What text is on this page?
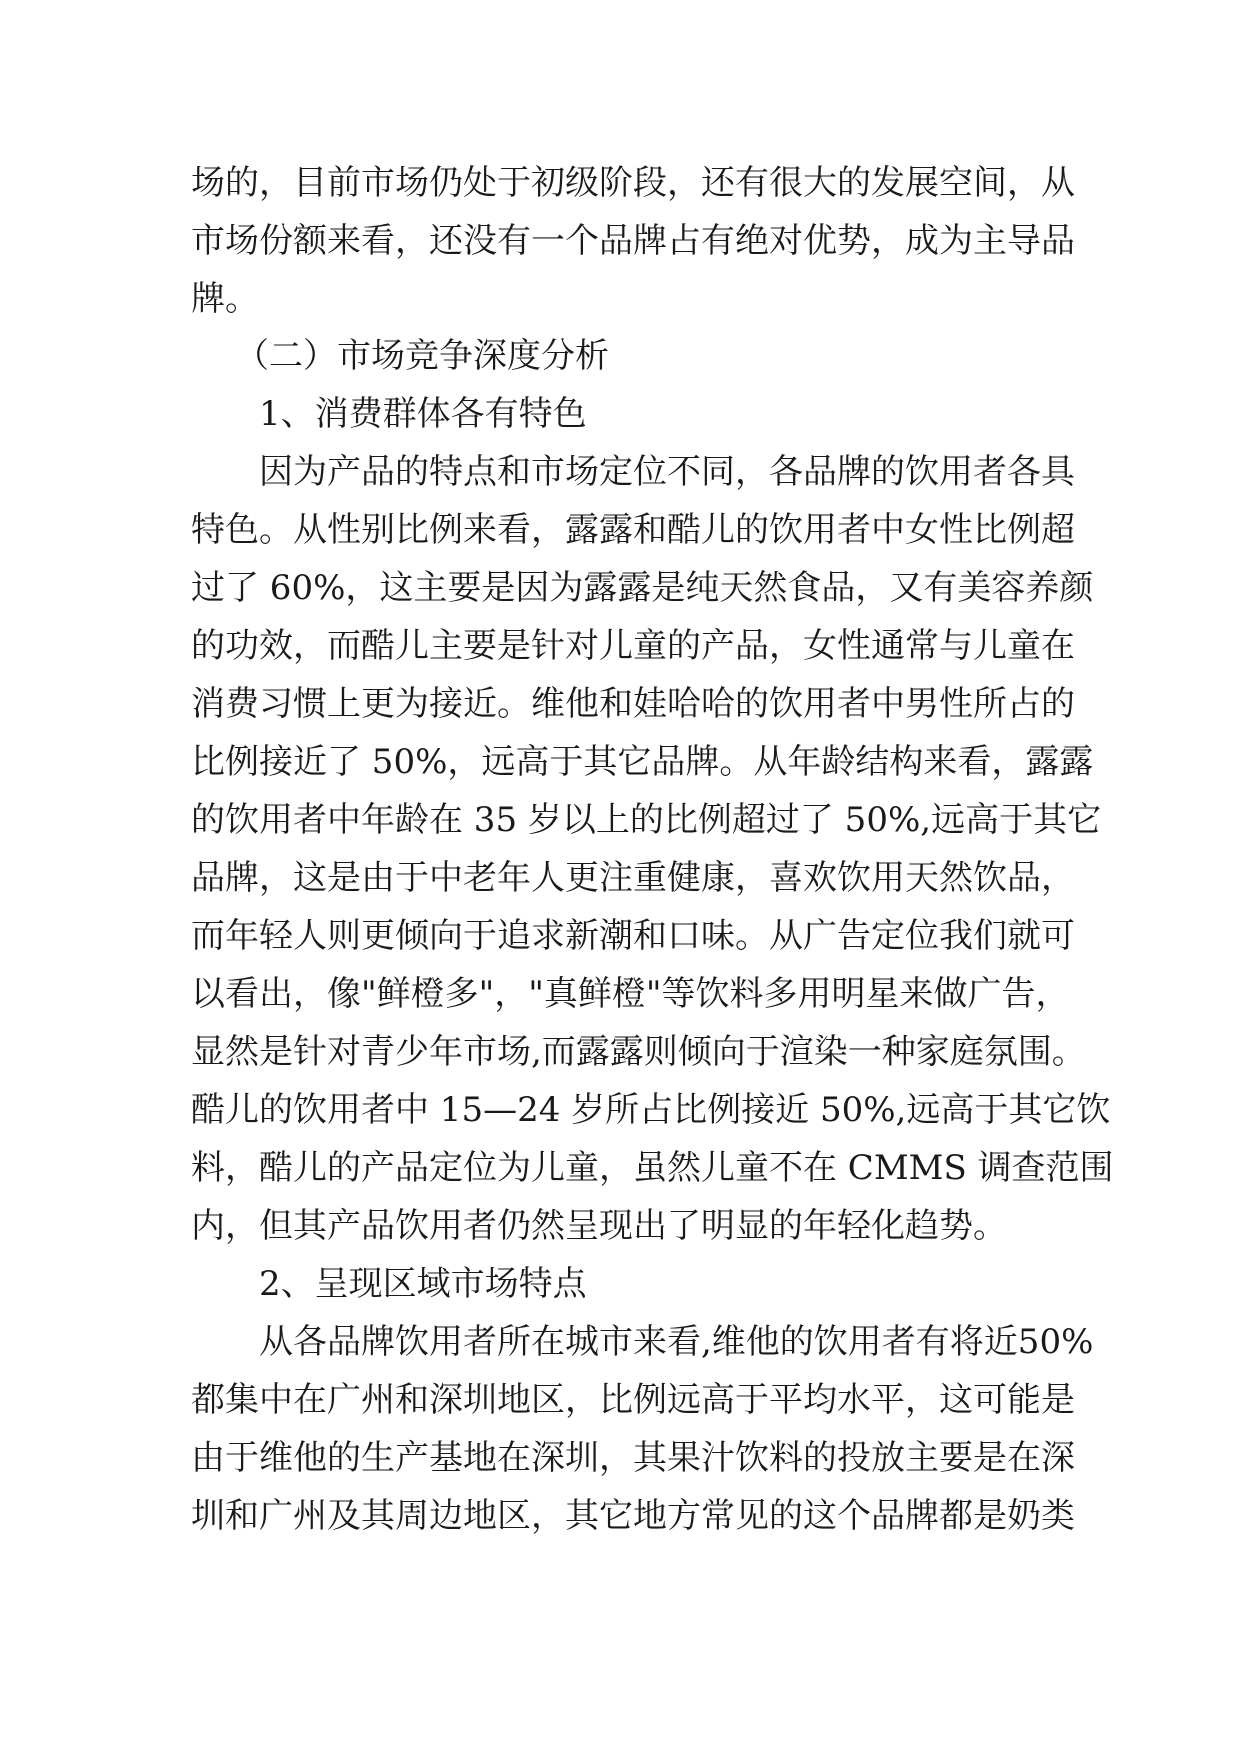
场的，目前市场仍处于初级阶段，还有很大的发展空间，从
市场份额来看，还没有一个品牌占有绝对优势，成为主导品
牌。
（二）市场竞争深度分析
1、消费群体各有特色
因为产品的特点和市场定位不同，各品牌的饮用者各具
特色。从性别比例来看，露露和酷儿的饮用者中女性比例超
过了 60%，这主要是因为露露是纯天然食品，又有美容养颜
的功效，而酷儿主要是针对儿童的产品，女性通常与儿童在
消费习惯上更为接近。维他和娃哈哈的饮用者中男性所占的
比例接近了 50%，远高于其它品牌。从年龄结构来看，露露
的饮用者中年龄在 35 岁以上的比例超过了 50%,远高于其它
品牌，这是由于中老年人更注重健康，喜欢饮用天然饮品，
而年轻人则更倾向于追求新潮和口味。从广告定位我们就可
以看出，像"鲜橙多"，"真鲜橙"等饮料多用明星来做广告，
显然是针对青少年市场,而露露则倾向于渲染一种家庭氛围。
酷儿的饮用者中 15—24 岁所占比例接近 50%,远高于其它饮
料，酷儿的产品定位为儿童，虽然儿童不在 CMMS 调查范围
内，但其产品饮用者仍然呈现出了明显的年轻化趋势。
2、呈现区域市场特点
从各品牌饮用者所在城市来看,维他的饮用者有将近50%
都集中在广州和深圳地区，比例远高于平均水平，这可能是
由于维他的生产基地在深圳，其果汁饮料的投放主要是在深
圳和广州及其周边地区，其它地方常见的这个品牌都是奶类
